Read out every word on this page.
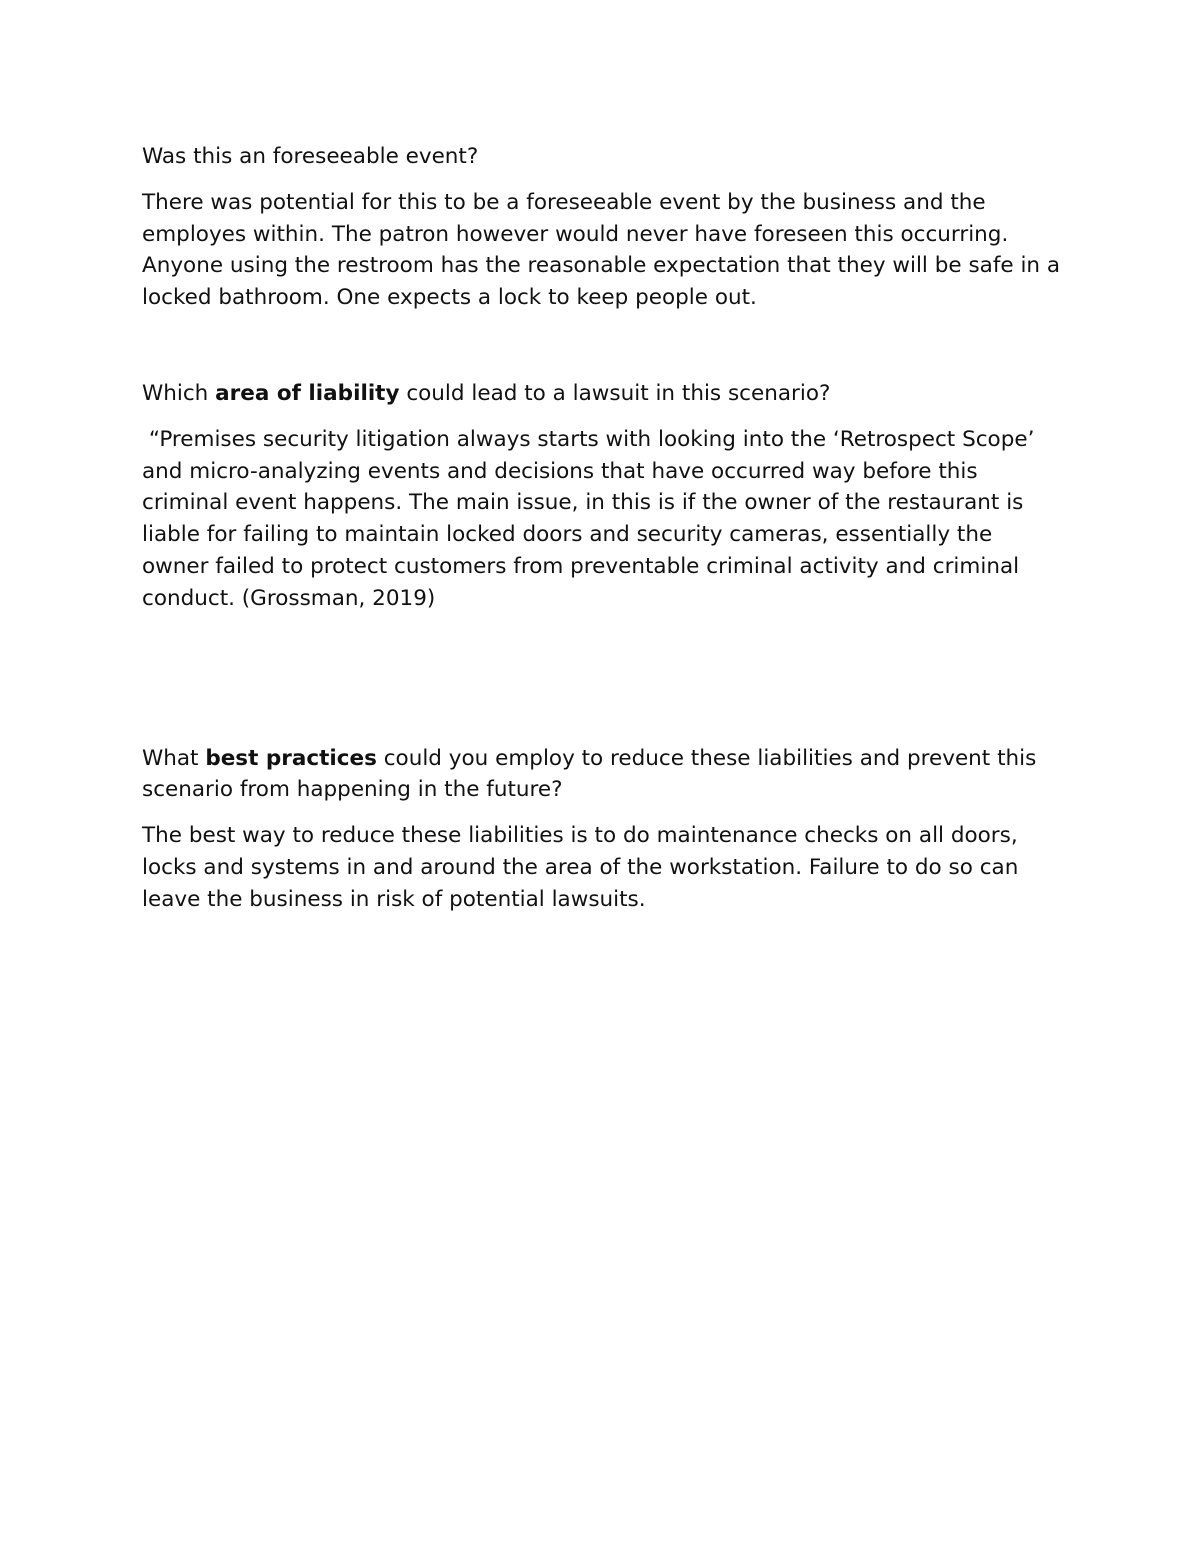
Was this an foreseeable event?

There was potential for this to be a foreseeable event by the business and the employes within. The patron however would never have foreseen this occurring. Anyone using the restroom has the reasonable expectation that they will be safe in a locked bathroom. One expects a lock to keep people out.

Which area of liability could lead to a lawsuit in this scenario?

“Premises security litigation always starts with looking into the ‘Retrospect Scope’ and micro-analyzing events and decisions that have occurred way before this criminal event happens. The main issue, in this is if the owner of the restaurant is liable for failing to maintain locked doors and security cameras, essentially the owner failed to protect customers from preventable criminal activity and criminal conduct. (Grossman, 2019)

What best practices could you employ to reduce these liabilities and prevent this scenario from happening in the future?

The best way to reduce these liabilities is to do maintenance checks on all doors, locks and systems in and around the area of the workstation. Failure to do so can leave the business in risk of potential lawsuits.
